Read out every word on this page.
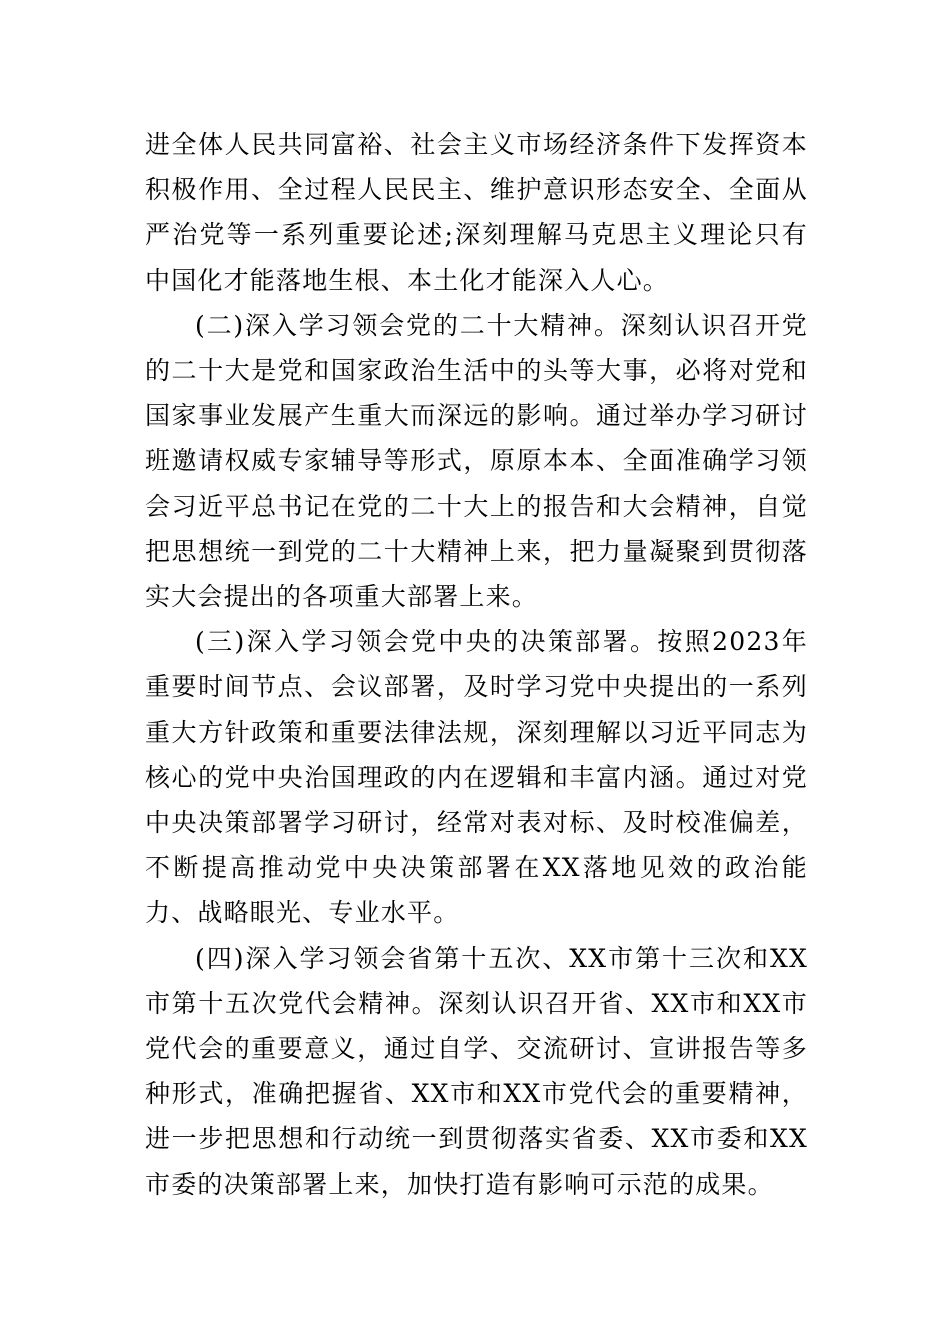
进全体人民共同富裕、社会主义市场经济条件下发挥资本积极作用、全过程人民民主、维护意识形态安全、全面从严治党等一系列重要论述;深刻理解马克思主义理论只有中国化才能落地生根、本土化才能深入人心。

(二)深入学习领会党的二十大精神。深刻认识召开党的二十大是党和国家政治生活中的头等大事，必将对党和国家事业发展产生重大而深远的影响。通过举办学习研讨班邀请权威专家辅导等形式，原原本本、全面准确学习领会习近平总书记在党的二十大上的报告和大会精神，自觉把思想统一到党的二十大精神上来，把力量凝聚到贯彻落实大会提出的各项重大部署上来。

(三)深入学习领会党中央的决策部署。按照2023年重要时间节点、会议部署，及时学习党中央提出的一系列重大方针政策和重要法律法规，深刻理解以习近平同志为核心的党中央治国理政的内在逻辑和丰富内涵。通过对党中央决策部署学习研讨，经常对表对标、及时校准偏差，不断提高推动党中央决策部署在XX落地见效的政治能力、战略眼光、专业水平。

(四)深入学习领会省第十五次、XX市第十三次和XX市第十五次党代会精神。深刻认识召开省、XX市和XX市党代会的重要意义，通过自学、交流研讨、宣讲报告等多种形式，准确把握省、XX市和XX市党代会的重要精神，进一步把思想和行动统一到贯彻落实省委、XX市委和XX市委的决策部署上来，加快打造有影响可示范的成果。
